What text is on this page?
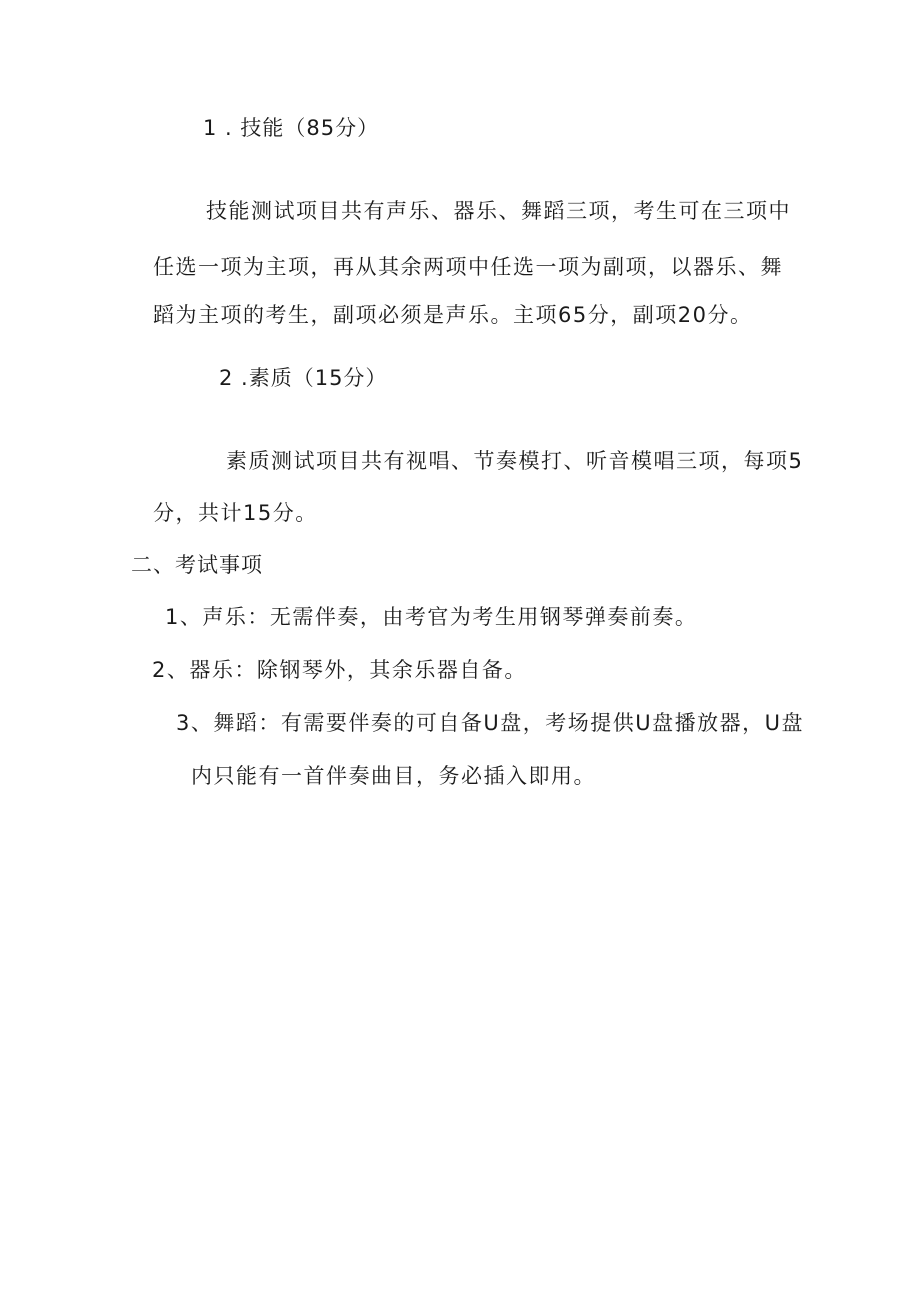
1 . 技能（85分）
技能测试项目共有声乐、器乐、舞蹈三项，考生可在三项中
任选一项为主项，再从其余两项中任选一项为副项，以器乐、舞
蹈为主项的考生，副项必须是声乐。主项65分，副项20分。
2 .素质（15分）
素质测试项目共有视唱、节奏模打、听音模唱三项，每项5
分，共计15分。
二、考试事项
1、声乐：无需伴奏，由考官为考生用钢琴弹奏前奏。
2、器乐：除钢琴外，其余乐器自备。
3、舞蹈：有需要伴奏的可自备U盘，考场提供U盘播放器，U盘
内只能有一首伴奏曲目，务必插入即用。
